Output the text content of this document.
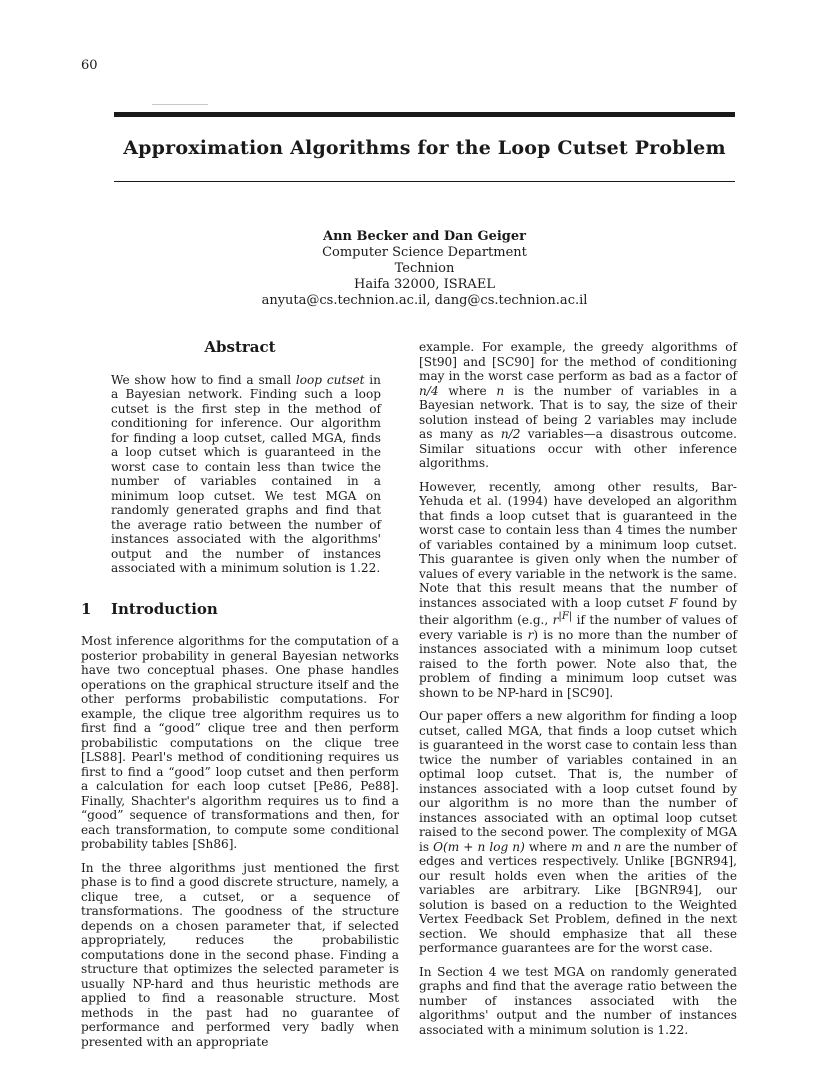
60
Approximation Algorithms for the Loop Cutset Problem
Ann Becker and Dan Geiger
Computer Science Department
Technion
Haifa 32000, ISRAEL
anyuta@cs.technion.ac.il, dang@cs.technion.ac.il
Abstract

We show how to find a small loop cutset in a Bayesian network. Finding such a loop cutset is the first step in the method of conditioning for inference. Our algorithm for finding a loop cutset, called MGA, finds a loop cutset which is guaranteed in the worst case to contain less than twice the number of variables contained in a minimum loop cutset. We test MGA on randomly generated graphs and find that the average ratio between the number of instances associated with the algorithms' output and the number of instances associated with a minimum solution is 1.22.

1 Introduction

Most inference algorithms for the computation of a posterior probability in general Bayesian networks have two conceptual phases. One phase handles operations on the graphical structure itself and the other performs probabilistic computations. For example, the clique tree algorithm requires us to first find a “good” clique tree and then perform probabilistic computations on the clique tree [LS88]. Pearl's method of conditioning requires us first to find a “good” loop cutset and then perform a calculation for each loop cutset [Pe86, Pe88]. Finally, Shachter's algorithm requires us to find a “good” sequence of transformations and then, for each transformation, to compute some conditional probability tables [Sh86].

In the three algorithms just mentioned the first phase is to find a good discrete structure, namely, a clique tree, a cutset, or a sequence of transformations. The goodness of the structure depends on a chosen parameter that, if selected appropriately, reduces the probabilistic computations done in the second phase. Finding a structure that optimizes the selected parameter is usually NP-hard and thus heuristic methods are applied to find a reasonable structure. Most methods in the past had no guarantee of performance and performed very badly when presented with an appropriate

example. For example, the greedy algorithms of [St90] and [SC90] for the method of conditioning may in the worst case perform as bad as a factor of n/4 where n is the number of variables in a Bayesian network. That is to say, the size of their solution instead of being 2 variables may include as many as n/2 variables—a disastrous outcome. Similar situations occur with other inference algorithms.

However, recently, among other results, Bar-Yehuda et al. (1994) have developed an algorithm that finds a loop cutset that is guaranteed in the worst case to contain less than 4 times the number of variables contained by a minimum loop cutset. This guarantee is given only when the number of values of every variable in the network is the same. Note that this result means that the number of instances associated with a loop cutset F found by their algorithm (e.g., $r^{|F|}$ if the number of values of every variable is r) is no more than the number of instances associated with a minimum loop cutset raised to the forth power. Note also that, the problem of finding a minimum loop cutset was shown to be NP-hard in [SC90].

Our paper offers a new algorithm for finding a loop cutset, called MGA, that finds a loop cutset which is guaranteed in the worst case to contain less than twice the number of variables contained in an optimal loop cutset. That is, the number of instances associated with a loop cutset found by our algorithm is no more than the number of instances associated with an optimal loop cutset raised to the second power. The complexity of MGA is O(m + n log n) where m and n are the number of edges and vertices respectively. Unlike [BGNR94], our result holds even when the arities of the variables are arbitrary. Like [BGNR94], our solution is based on a reduction to the Weighted Vertex Feedback Set Problem, defined in the next section. We should emphasize that all these performance guarantees are for the worst case.

In Section 4 we test MGA on randomly generated graphs and find that the average ratio between the number of instances associated with the algorithms' output and the number of instances associated with a minimum solution is 1.22.
